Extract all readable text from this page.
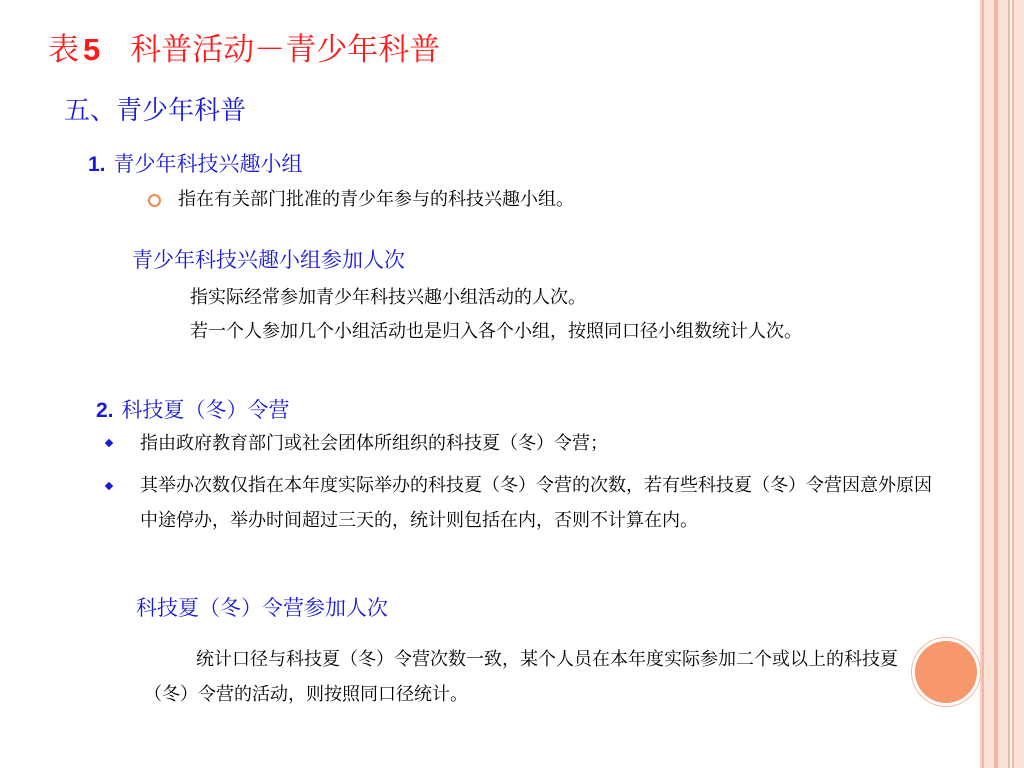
表 5 科普活动－青少年科普
五、青少年科普
1. 青少年科技兴趣小组
指在有关部门批准的青少年参与的科技兴趣小组。
青少年科技兴趣小组参加人次
指实际经常参加青少年科技兴趣小组活动的人次。
若一个人参加几个小组活动也是归入各个小组，按照同口径小组数统计人次。
2. 科技夏（冬）令营
指由政府教育部门或社会团体所组织的科技夏（冬）令营；
其举办次数仅指在本年度实际举办的科技夏（冬）令营的次数，若有些科技夏（冬）令营因意外原因中途停办，举办时间超过三天的，统计则包括在内，否则不计算在内。
科技夏（冬）令营参加人次
统计口径与科技夏（冬）令营次数一致，某个人员在本年度实际参加二个或以上的科技夏（冬）令营的活动，则按照同口径统计。
